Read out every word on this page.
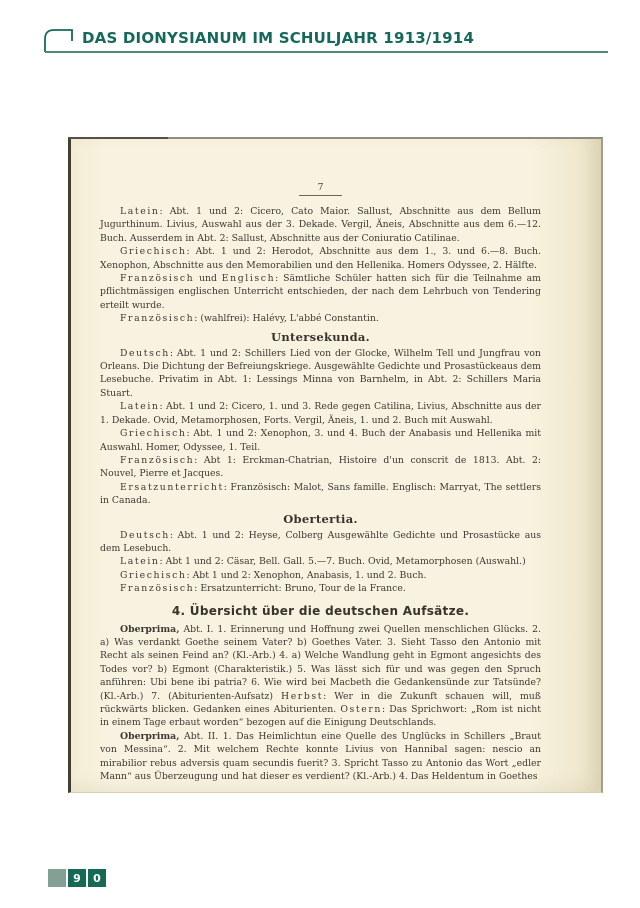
DAS DIONYSIANUM IM SCHULJAHR 1913/1914
7

Latein: Abt. 1 und 2: Cicero, Cato Maior. Sallust, Abschnitte aus dem Bellum Jugurthinum. Livius, Auswahl aus der 3. Dekade. Vergil, Äneis, Abschnitte aus dem 6.—12. Buch. Ausserdem in Abt. 2: Sallust, Abschnitte aus der Coniuratio Catilinae.

Griechisch: Abt. 1 und 2: Herodot, Abschnitte aus dem 1., 3. und 6.—8. Buch. Xenophon, Abschnitte aus den Memorabilien und den Hellenika. Homers Odyssee, 2. Hälfte.

Französisch und Englisch: Sämtliche Schüler hatten sich für die Teilnahme am pflichtmässigen englischen Unterricht entschieden, der nach dem Lehrbuch von Tendering erteilt wurde.

Französisch: (wahlfrei): Halévy, L'abbé Constantin.

Untersekunda.

Deutsch: Abt. 1 und 2: Schillers Lied von der Glocke, Wilhelm Tell und Jungfrau von Orleans. Die Dichtung der Befreiungskriege. Ausgewählte Gedichte und Prosastückeaus dem Lesebuche. Privatim in Abt. 1: Lessings Minna von Barnhelm, in Abt. 2: Schillers Maria Stuart.

Latein: Abt. 1 und 2: Cicero, 1. und 3. Rede gegen Catilina, Livius, Abschnitte aus der 1. Dekade. Ovid, Metamorphosen, Forts. Vergil, Äneis, 1. und 2. Buch mit Auswahl.

Griechisch: Abt. 1 und 2: Xenophon, 3. und 4. Buch der Anabasis und Hellenika mit Auswahl. Homer, Odyssee, 1. Teil.

Französisch: Abt 1: Erckman-Chatrian, Histoire d'un conscrit de 1813. Abt. 2: Nouvel, Pierre et Jacques.

Ersatzunterricht: Französisch: Malot, Sans famille. Englisch: Marryat, The settlers in Canada.

Obertertia.

Deutsch: Abt. 1 und 2: Heyse, Colberg Ausgewählte Gedichte und Prosastücke aus dem Lesebuch.

Latein: Abt 1 und 2: Cäsar, Bell. Gall. 5.—7. Buch. Ovid, Metamorphosen (Auswahl.)

Griechisch: Abt 1 und 2: Xenophon, Anabasis, 1. und 2. Buch.

Französisch: Ersatzunterricht: Bruno, Tour de la France.

4. Übersicht über die deutschen Aufsätze.

Oberprima, Abt. I. 1. Erinnerung und Hoffnung zwei Quellen menschlichen Glücks. 2. a) Was verdankt Goethe seinem Vater? b) Goethes Vater. 3. Sieht Tasso den Antonio mit Recht als seinen Feind an? (Kl.-Arb.) 4. a) Welche Wandlung geht in Egmont angesichts des Todes vor? b) Egmont (Charakteristik.) 5. Was lässt sich für und was gegen den Spruch anführen: Ubi bene ibi patria? 6. Wie wird bei Macbeth die Gedankensünde zur Tatsünde? (Kl.-Arb.) 7. (Abiturienten-Aufsatz) Herbst: Wer in die Zukunft schauen will, muß rückwärts blicken. Gedanken eines Abiturienten. Ostern: Das Sprichwort: „Rom ist nicht in einem Tage erbaut worden“ bezogen auf die Einigung Deutschlands.

Oberprima, Abt. II. 1. Das Heimlichtun eine Quelle des Unglücks in Schillers „Braut von Messina“. 2. Mit welchem Rechte konnte Livius von Hannibal sagen: nescio an mirabilior rebus adversis quam secundis fuerit? 3. Spricht Tasso zu Antonio das Wort „edler Mann“ aus Überzeugung und hat dieser es verdient? (Kl.-Arb.) 4. Das Heldentum in Goethes

9	0
